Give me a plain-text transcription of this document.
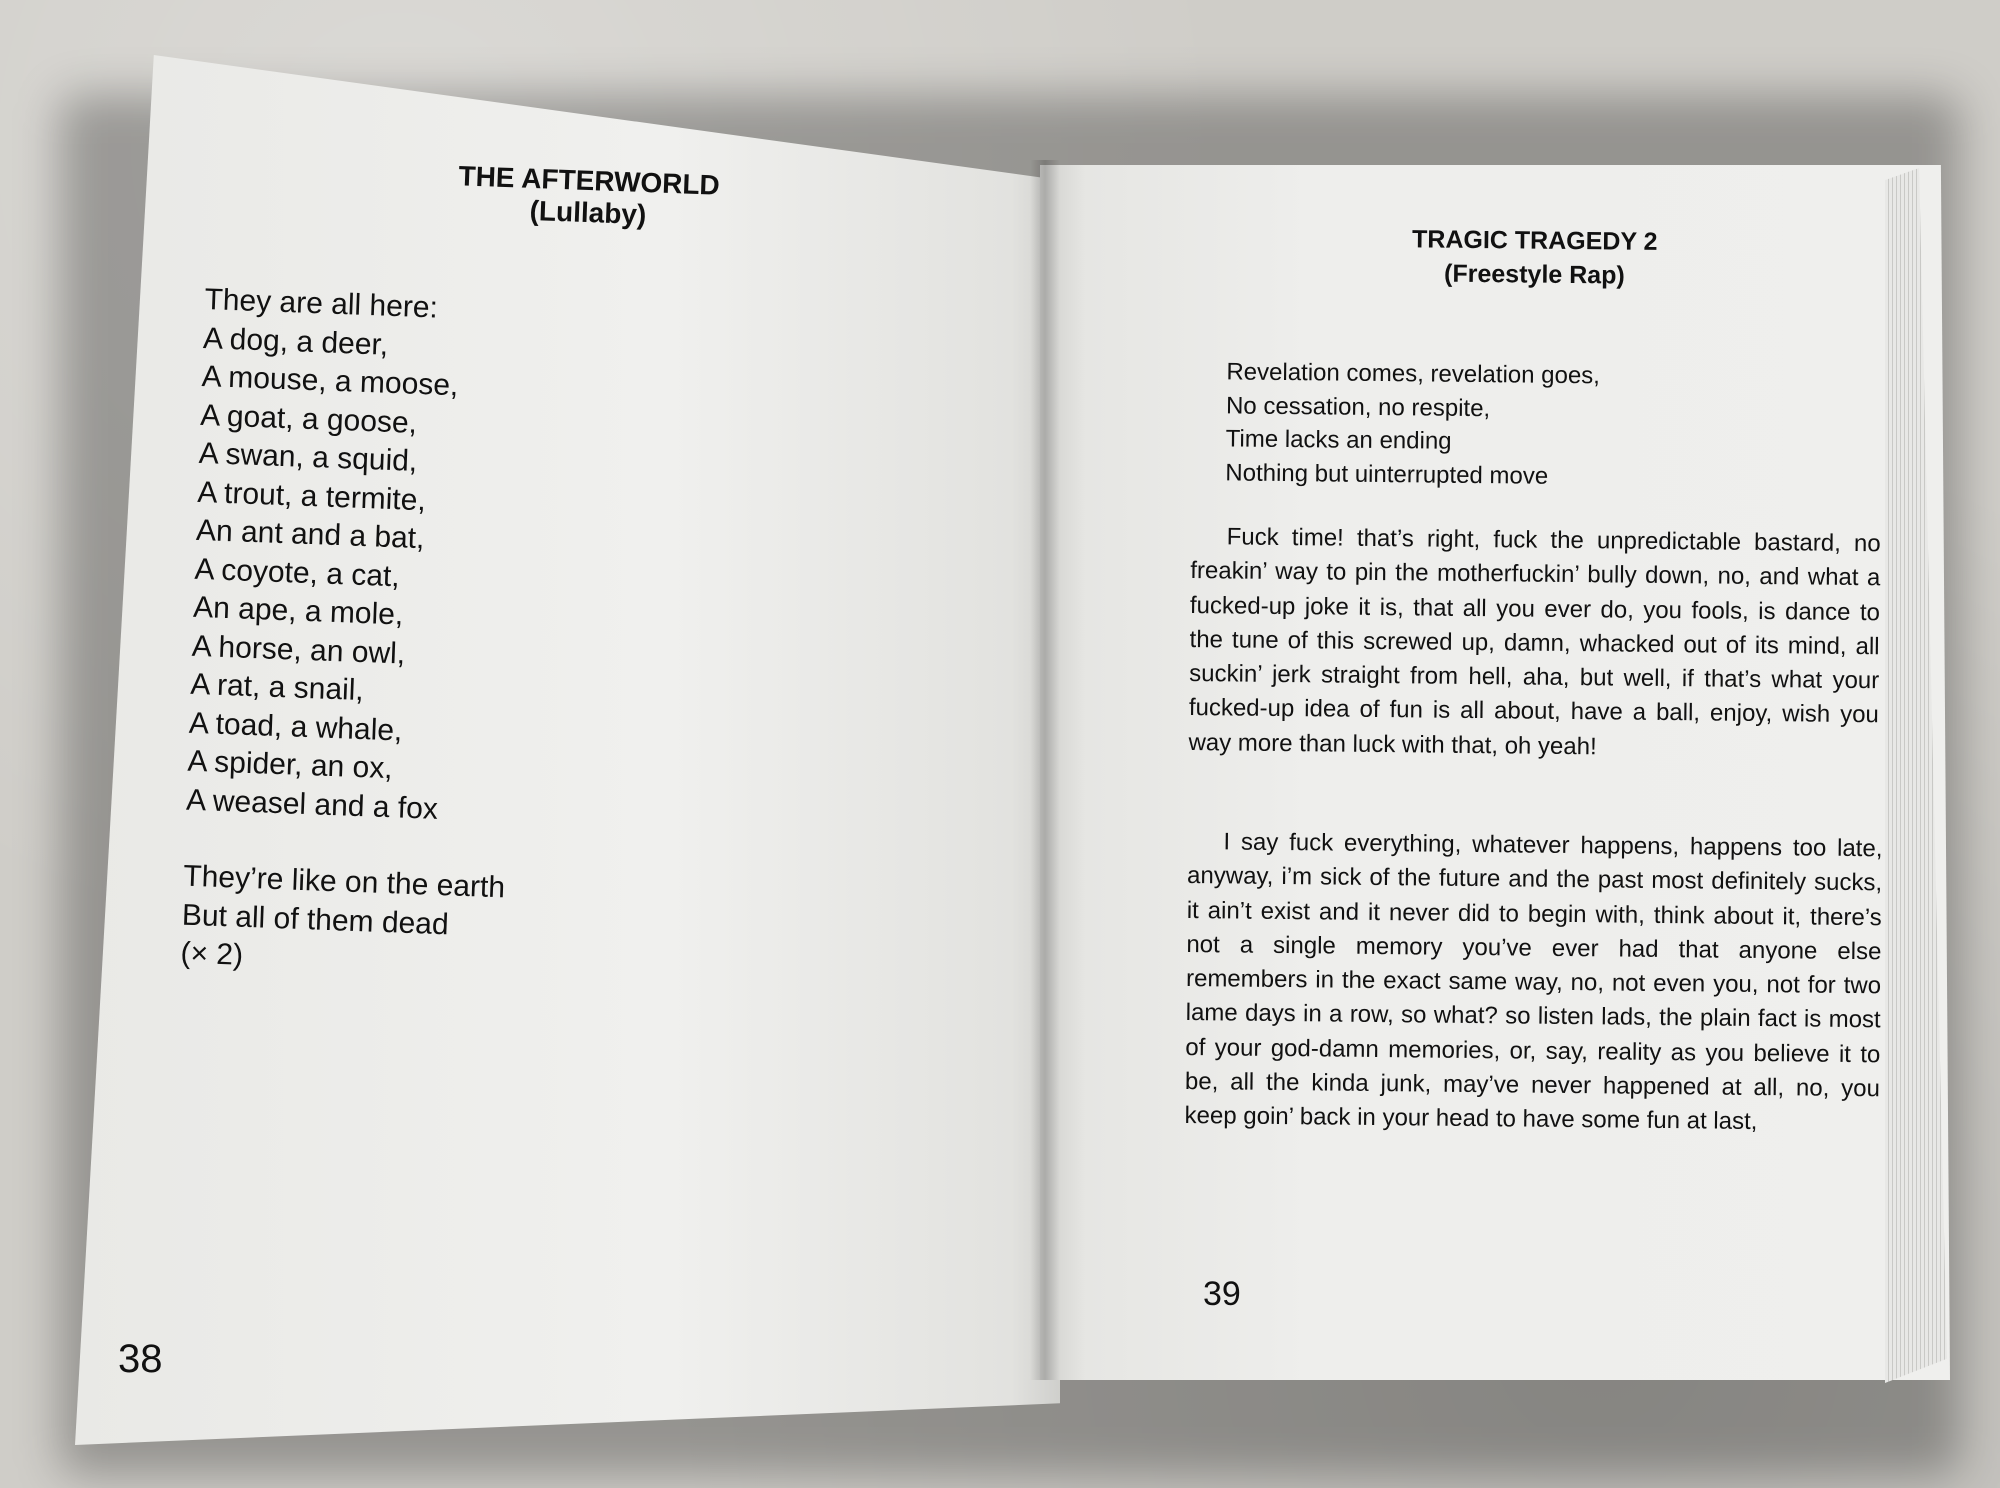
THE AFTERWORLD

(Lullaby)

They are all here:

A dog, a deer,

A mouse, a moose,

A goat, a goose,

A swan, a squid,

A trout, a termite,

An ant and a bat,

A coyote, a cat,

An ape, a mole,

A horse, an owl,

A rat, a snail,

A toad, a whale,

A spider, an ox,

A weasel and a fox

They’re like on the earth

But all of them dead

(× 2)

38

TRAGIC TRAGEDY 2

(Freestyle Rap)

Revelation comes, revelation goes,

No cessation, no respite,

Time lacks an ending

Nothing but uinterrupted move

Fuck time! that’s right, fuck the unpredictable bastard, no freakin’ way to pin the motherfuckin’ bully down, no, and what a fucked-up joke it is, that all you ever do, you fools, is dance to the tune of this screwed up, damn, whacked out of its mind, all suckin’ jerk straight from hell, aha, but well, if that’s what your fucked-up idea of fun is all about, have a ball, enjoy, wish you way more than luck with that, oh yeah!

I say fuck everything, whatever happens, happens too late, anyway, i’m sick of the future and the past most definitely sucks, it ain’t exist and it never did to begin with, think about it, there’s not a single memory you’ve ever had that anyone else remembers in the exact same way, no, not even you, not for two lame days in a row, so what? so listen lads, the plain fact is most of your god-damn memories, or, say, reality as you believe it to be, all the kinda junk, may’ve never happened at all, no, you keep goin’ back in your head to have some fun at last,

39
